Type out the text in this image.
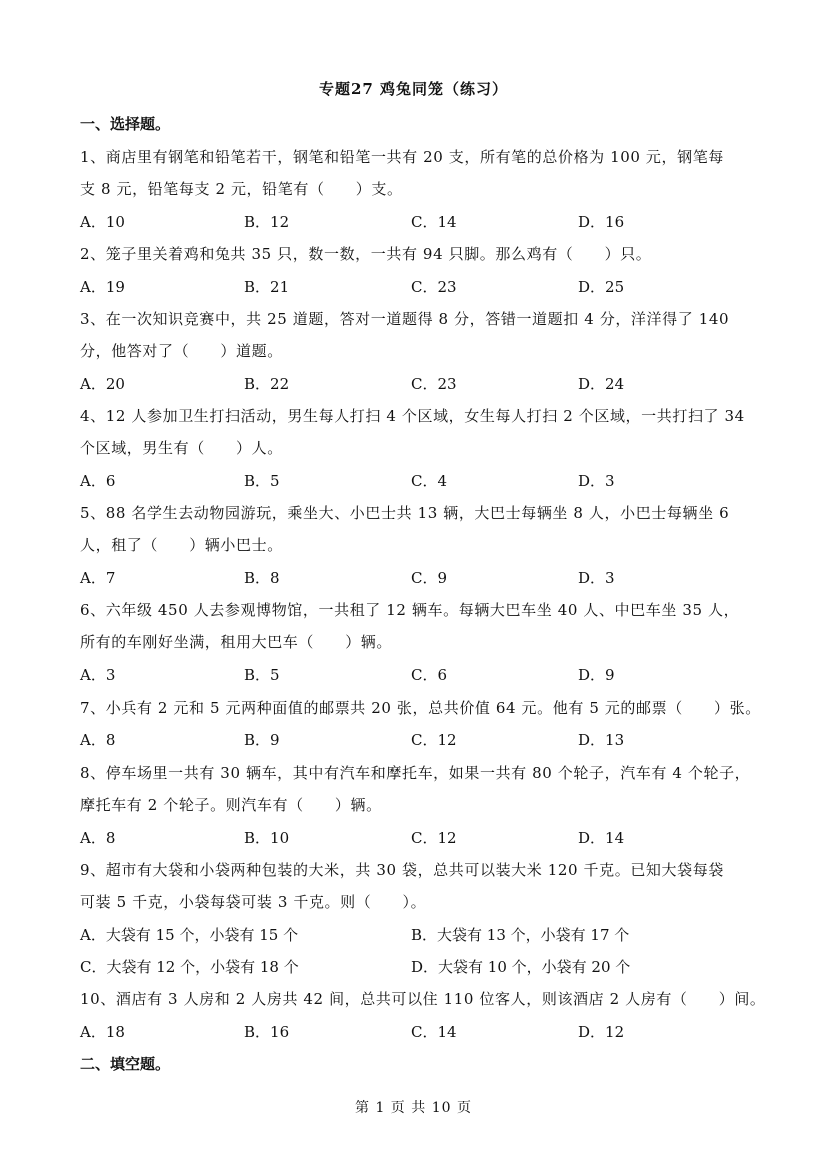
专题27 鸡兔同笼（练习）
一、选择题。
1、商店里有钢笔和铅笔若干，钢笔和铅笔一共有 20 支，所有笔的总价格为 100 元，钢笔每
支 8 元，铅笔每支 2 元，铅笔有（　　）支。
A．10	B．12	C．14	D．16
2、笼子里关着鸡和兔共 35 只，数一数，一共有 94 只脚。那么鸡有（　　）只。
A．19	B．21	C．23	D．25
3、在一次知识竞赛中，共 25 道题，答对一道题得 8 分，答错一道题扣 4 分，洋洋得了 140
分，他答对了（　　）道题。
A．20	B．22	C．23	D．24
4、12 人参加卫生打扫活动，男生每人打扫 4 个区域，女生每人打扫 2 个区域，一共打扫了 34
个区域，男生有（　　）人。
A．6	B．5	C．4	D．3
5、88 名学生去动物园游玩，乘坐大、小巴士共 13 辆，大巴士每辆坐 8 人，小巴士每辆坐 6
人，租了（　　）辆小巴士。
A．7	B．8	C．9	D．3
6、六年级 450 人去参观博物馆，一共租了 12 辆车。每辆大巴车坐 40 人、中巴车坐 35 人，
所有的车刚好坐满，租用大巴车（　　）辆。
A．3	B．5	C．6	D．9
7、小兵有 2 元和 5 元两种面值的邮票共 20 张，总共价值 64 元。他有 5 元的邮票（　　）张。
A．8	B．9	C．12	D．13
8、停车场里一共有 30 辆车，其中有汽车和摩托车，如果一共有 80 个轮子，汽车有 4 个轮子，
摩托车有 2 个轮子。则汽车有（　　）辆。
A．8	B．10	C．12	D．14
9、超市有大袋和小袋两种包装的大米，共 30 袋，总共可以装大米 120 千克。已知大袋每袋
可装 5 千克，小袋每袋可装 3 千克。则（　　）。
A．大袋有 15 个，小袋有 15 个	B．大袋有 13 个，小袋有 17 个
C．大袋有 12 个，小袋有 18 个	D．大袋有 10 个，小袋有 20 个
10、酒店有 3 人房和 2 人房共 42 间，总共可以住 110 位客人，则该酒店 2 人房有（　　）间。
A．18	B．16	C．14	D．12
二、填空题。
第 1 页 共 10 页
